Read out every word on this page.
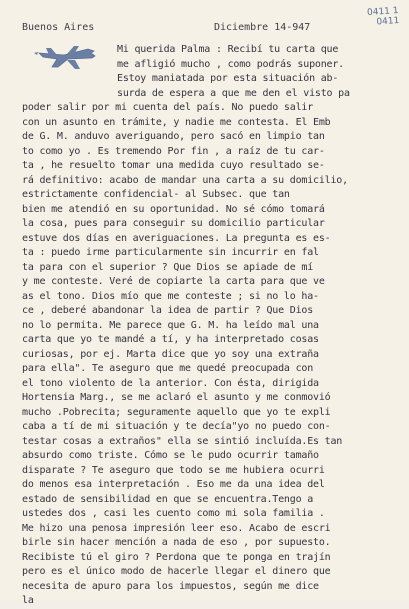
0411 1
0411
Buenos Aires	Diciembre 14-947
Mi querida Palma : Recibí tu carta que
me afligió mucho , como podrás suponer.
Estoy maniatada por esta situación ab-
surda de espera a que me den el visto pa
poder salir por mi cuenta del país. No puedo salir
con un asunto en trámite, y nadie me contesta. El Emb
de G. M. anduvo averiguando, pero sacó en limpio tan
to como yo . Es tremendo Por fin , a raíz de tu car-
ta , he resuelto tomar una medida cuyo resultado se-
rá definitivo: acabo de mandar una carta a su domicilio,
estrictamente confidencial- al Subsec. que tan
bien me atendió en su oportunidad. No sé cómo tomará
la cosa, pues para conseguir su domicilio particular
estuve dos días en averiguaciones. La pregunta es es-
ta : puedo irme particularmente sin incurrir en fal
ta para con el superior ? Que Dios se apiade de mí
y me conteste. Veré de copiarte la carta para que ve
as el tono. Dios mío que me conteste ; si no lo ha-
ce , deberé abandonar la idea de partir ? Que Dios
no lo permita. Me parece que G. M. ha leído mal una
carta que yo te mandé a tí, y ha interpretado cosas
curiosas, por ej. Marta dice que yo soy una extraña
para ella". Te aseguro que me quedé preocupada con
el tono violento de la anterior. Con ésta, dirigida
Hortensia Marg., se me aclaró el asunto y me conmovió
mucho .Pobrecita; seguramente aquello que yo te expli
caba a tí de mi situación y te decía"yo no puedo con-
testar cosas a extraños" ella se sintió incluída.Es tan
absurdo como triste. Cómo se le pudo ocurrir tamaño
disparate ? Te aseguro que todo se me hubiera ocurri
do menos esa interpretación . Eso me da una idea del
estado de sensibilidad en que se encuentra.Tengo a
ustedes dos , casi les cuento como mi sola familia .
Me hizo una penosa impresión leer eso. Acabo de escri
birle sin hacer mención a nada de eso , por supuesto.
Recibiste tú el giro ? Perdona que te ponga en trajín
pero es el único modo de hacerle llegar el dinero que
necesita de apuro para los impuestos, según me dice
la
